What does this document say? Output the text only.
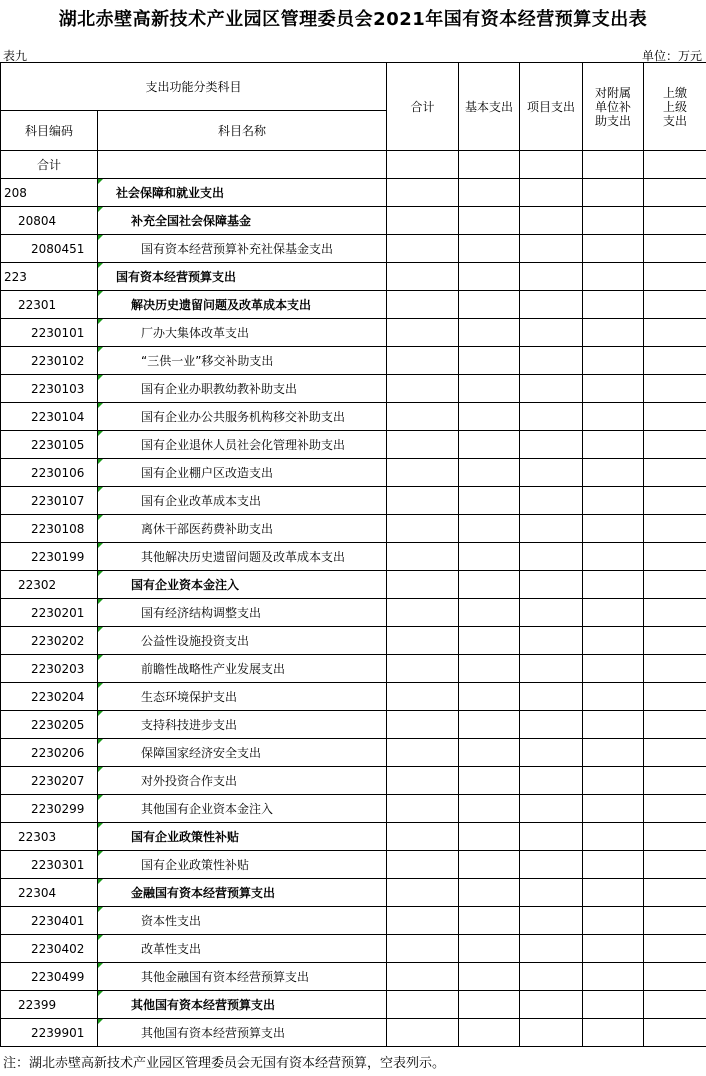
湖北赤壁高新技术产业园区管理委员会2021年国有资本经营预算支出表
表九	单位：万元
支出功能分类科目		合计	基本支出	项目支出	对附属单位补助支出	上缴上级支出
科目编码	科目名称					
合计						
208	社会保障和就业支出					
20804	补充全国社会保障基金					
2080451	国有资本经营预算补充社保基金支出					
223	国有资本经营预算支出					
22301	解决历史遗留问题及改革成本支出					
2230101	厂办大集体改革支出					
2230102	“三供一业”移交补助支出					
2230103	国有企业办职教幼教补助支出					
2230104	国有企业办公共服务机构移交补助支出					
2230105	国有企业退休人员社会化管理补助支出					
2230106	国有企业棚户区改造支出					
2230107	国有企业改革成本支出					
2230108	离休干部医药费补助支出					
2230199	其他解决历史遗留问题及改革成本支出					
22302	国有企业资本金注入					
2230201	国有经济结构调整支出					
2230202	公益性设施投资支出					
2230203	前瞻性战略性产业发展支出					
2230204	生态环境保护支出					
2230205	支持科技进步支出					
2230206	保障国家经济安全支出					
2230207	对外投资合作支出					
2230299	其他国有企业资本金注入					
22303	国有企业政策性补贴					
2230301	国有企业政策性补贴					
22304	金融国有资本经营预算支出					
2230401	资本性支出					
2230402	改革性支出					
2230499	其他金融国有资本经营预算支出					
22399	其他国有资本经营预算支出					
2239901	其他国有资本经营预算支出					
注：湖北赤壁高新技术产业园区管理委员会无国有资本经营预算，空表列示。
